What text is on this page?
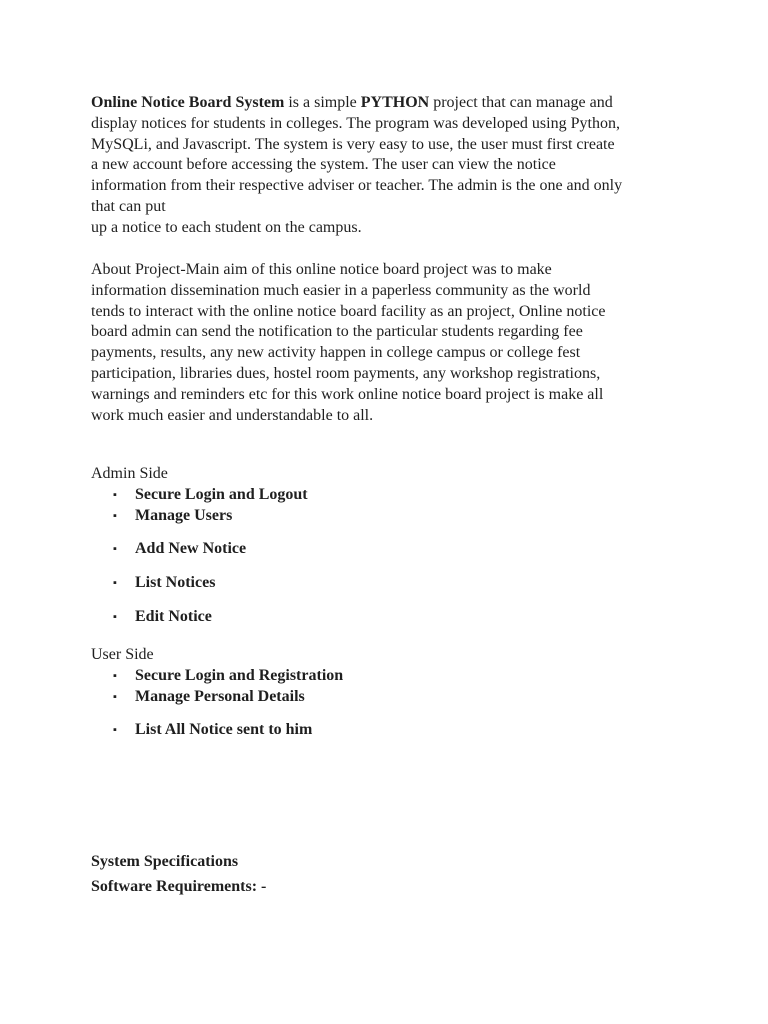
Online Notice Board System is a simple PYTHON project that can manage and
display notices for students in colleges. The program was developed using Python,
MySQLi, and Javascript. The system is very easy to use, the user must first create
a new account before accessing the system. The user can view the notice
information from their respective adviser or teacher. The admin is the one and only
that can put
up a notice to each student on the campus.
About Project-Main aim of this online notice board project was to make
information dissemination much easier in a paperless community as the world
tends to interact with the online notice board facility as an project, Online notice
board admin can send the notification to the particular students regarding fee
payments, results, any new activity happen in college campus or college fest
participation, libraries dues, hostel room payments, any workshop registrations,
warnings and reminders etc for this work online notice board project is make all
work much easier and understandable to all.
Admin Side
▪ Secure Login and Logout
▪ Manage Users
▪ Add New Notice
▪ List Notices
▪ Edit Notice
User Side
▪ Secure Login and Registration
▪ Manage Personal Details
▪ List All Notice sent to him
System Specifications
Software Requirements: -
